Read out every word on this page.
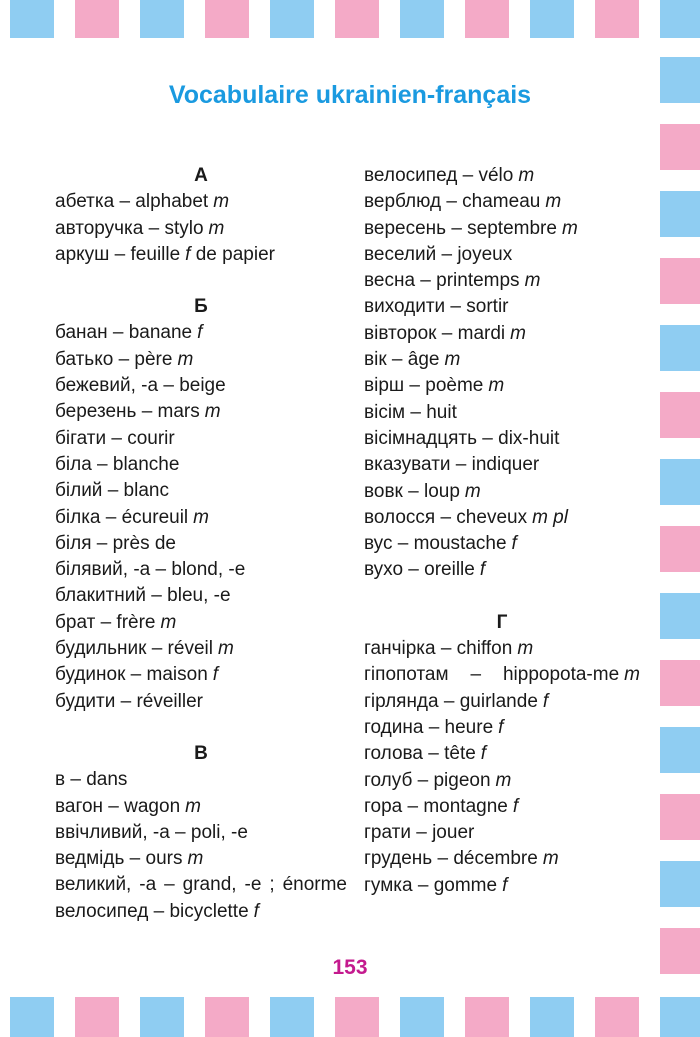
Vocabulaire ukrainien-français
А
абетка – alphabet m
авторучка – stylo m
аркуш – feuille f de papier
Б
банан – banane f
батько – père m
бежевий, -а – beige
березень – mars m
бігати – courir
біла – blanche
білий – blanc
білка – écureuil m
біля – près de
білявий, -а – blond, -e
блакитний – bleu, -e
брат – frère m
будильник – réveil m
будинок – maison f
будити – réveiller
В
в – dans
вагон – wagon m
ввічливий, -а – poli, -e
ведмідь – ours m
великий, -а – grand, -e ; énorme
велосипед – bicyclette f
велосипед – vélo m
верблюд – chameau m
вересень – septembre m
веселий – joyeux
весна – printemps m
виходити – sortir
вівторок – mardi m
вік – âge m
вірш – poème m
вісім – huit
вісімнадцять – dix-huit
вказувати – indiquer
вовк – loup m
волосся – cheveux m pl
вус – moustache f
вухо – oreille f
Г
ганчірка – chiffon m
гіпопотам – hippopota-me m
гірлянда – guirlande f
година – heure f
голова – tête f
голуб – pigeon m
гора – montagne f
грати – jouer
грудень – décembre m
гумка – gomme f
153
